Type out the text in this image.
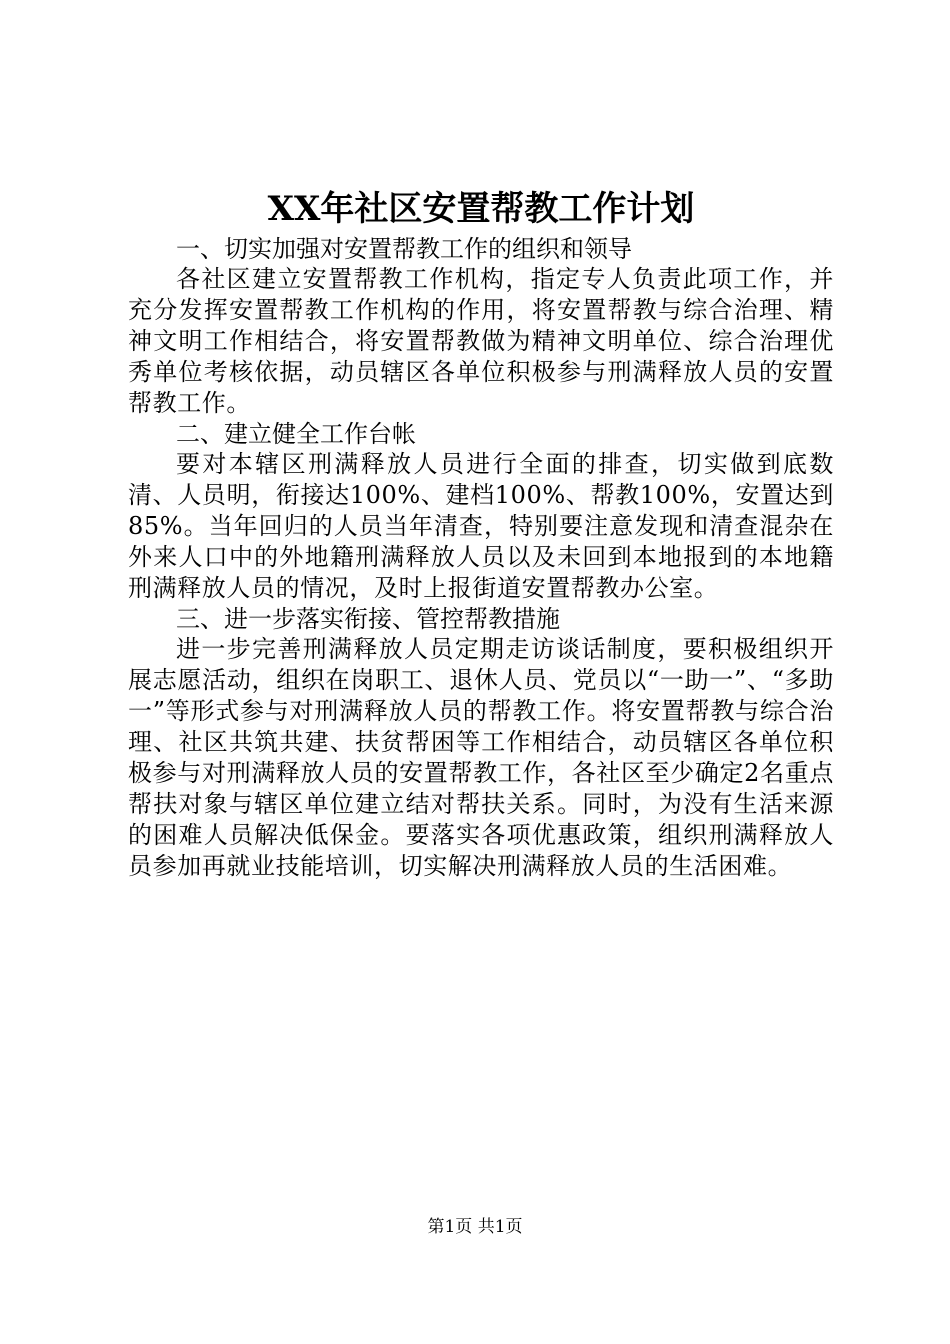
XX年社区安置帮教工作计划

一、切实加强对安置帮教工作的组织和领导

各社区建立安置帮教工作机构，指定专人负责此项工作，并充分发挥安置帮教工作机构的作用，将安置帮教与综合治理、精神文明工作相结合，将安置帮教做为精神文明单位、综合治理优秀单位考核依据，动员辖区各单位积极参与刑满释放人员的安置帮教工作。

二、建立健全工作台帐

要对本辖区刑满释放人员进行全面的排查，切实做到底数清、人员明，衔接达100%、建档100%、帮教100%，安置达到85%。当年回归的人员当年清查，特别要注意发现和清查混杂在外来人口中的外地籍刑满释放人员以及未回到本地报到的本地籍刑满释放人员的情况，及时上报街道安置帮教办公室。

三、进一步落实衔接、管控帮教措施

进一步完善刑满释放人员定期走访谈话制度，要积极组织开展志愿活动，组织在岗职工、退休人员、党员以“一助一”、“多助一”等形式参与对刑满释放人员的帮教工作。将安置帮教与综合治理、社区共筑共建、扶贫帮困等工作相结合，动员辖区各单位积极参与对刑满释放人员的安置帮教工作，各社区至少确定2名重点帮扶对象与辖区单位建立结对帮扶关系。同时，为没有生活来源的困难人员解决低保金。要落实各项优惠政策，组织刑满释放人员参加再就业技能培训，切实解决刑满释放人员的生活困难。

第1页 共1页
